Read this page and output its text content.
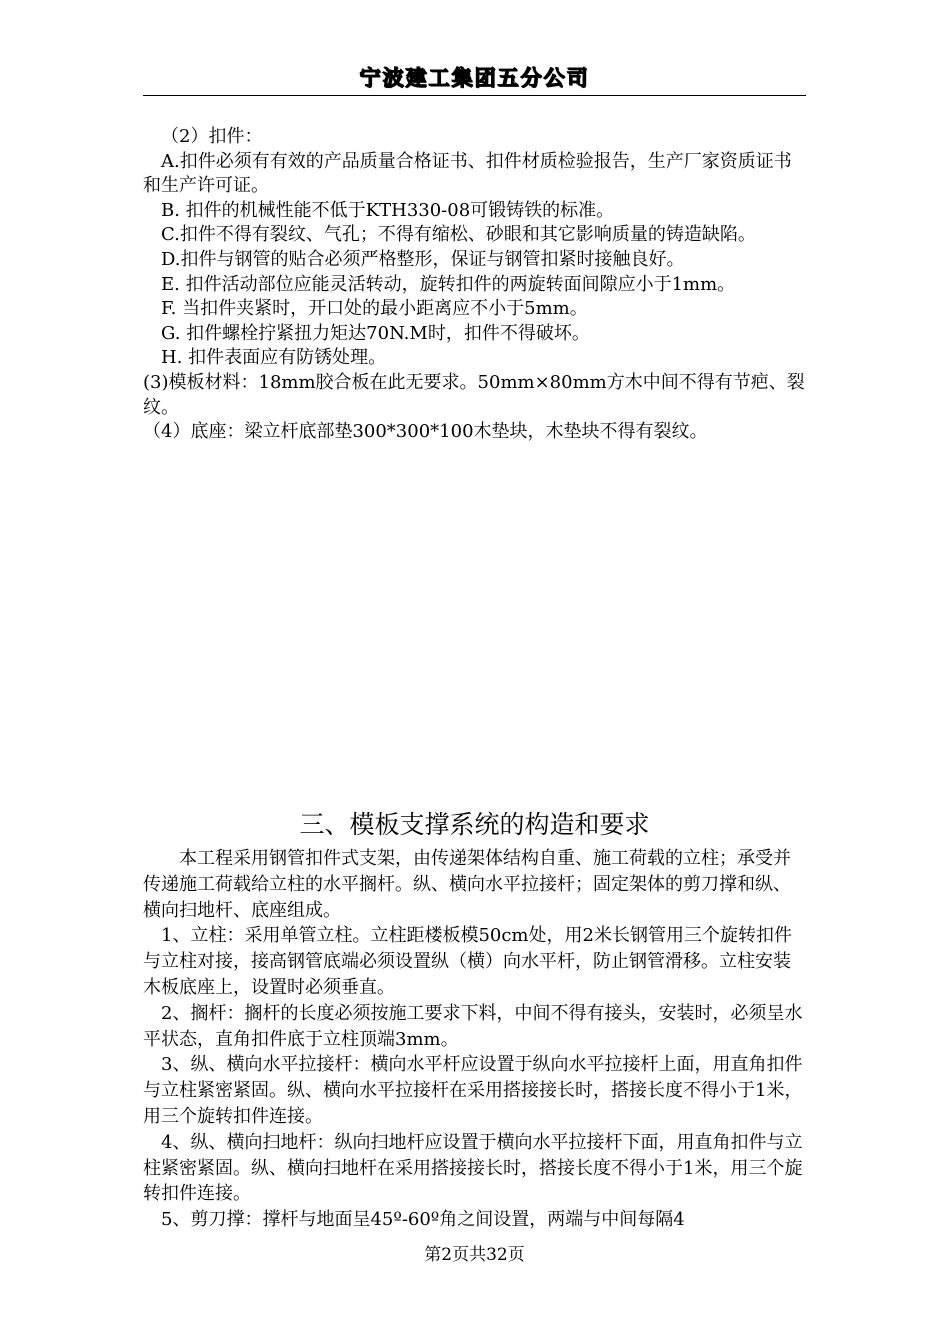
宁波建工集团五分公司

（2）扣件：

A.扣件必须有有效的产品质量合格证书、扣件材质检验报告，生产厂家资质证书和生产许可证。

B. 扣件的机械性能不低于KTH330-08可锻铸铁的标准。

C.扣件不得有裂纹、气孔；不得有缩松、砂眼和其它影响质量的铸造缺陷。

D.扣件与钢管的贴合必须严格整形，保证与钢管扣紧时接触良好。

E. 扣件活动部位应能灵活转动，旋转扣件的两旋转面间隙应小于1mm。

F. 当扣件夹紧时，开口处的最小距离应不小于5mm。

G. 扣件螺栓拧紧扭力矩达70N.M时，扣件不得破坏。

H. 扣件表面应有防锈处理。

(3)模板材料：18mm胶合板在此无要求。50mm×80mm方木中间不得有节疤、裂纹。

（4）底座：梁立杆底部垫300*300*100木垫块，木垫块不得有裂纹。

三、模板支撑系统的构造和要求

本工程采用钢管扣件式支架，由传递架体结构自重、施工荷载的立柱；承受并传递施工荷载给立柱的水平搁杆。纵、横向水平拉接杆；固定架体的剪刀撑和纵、横向扫地杆、底座组成。

1、立柱：采用单管立柱。立柱距楼板模50cm处，用2米长钢管用三个旋转扣件与立柱对接，接高钢管底端必须设置纵（横）向水平杆，防止钢管滑移。立柱安装木板底座上，设置时必须垂直。

2、搁杆：搁杆的长度必须按施工要求下料，中间不得有接头，安装时，必须呈水平状态，直角扣件底于立柱顶端3mm。

3、纵、横向水平拉接杆：横向水平杆应设置于纵向水平拉接杆上面，用直角扣件与立柱紧密紧固。纵、横向水平拉接杆在采用搭接接长时，搭接长度不得小于1米，用三个旋转扣件连接。

4、纵、横向扫地杆：纵向扫地杆应设置于横向水平拉接杆下面，用直角扣件与立柱紧密紧固。纵、横向扫地杆在采用搭接接长时，搭接长度不得小于1米，用三个旋转扣件连接。

5、剪刀撑：撑杆与地面呈45º-60º角之间设置，两端与中间每隔4

第2页共32页
